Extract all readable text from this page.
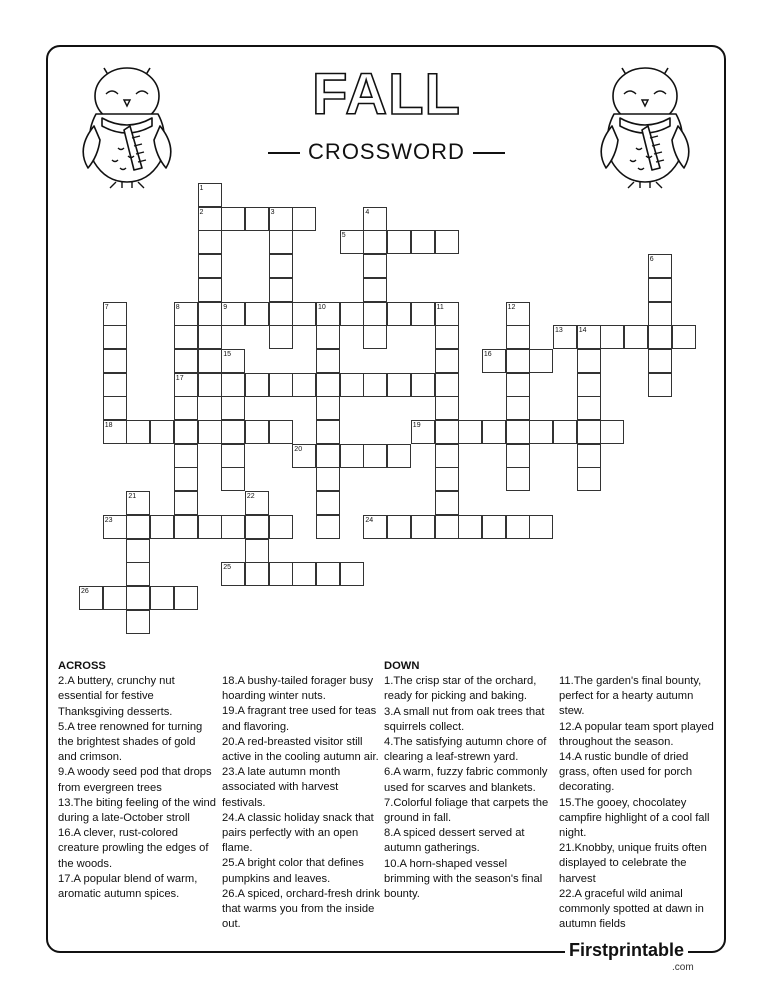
FALL
CROSSWORD
1
2	3	4
5
6
7	8	9	10	11	12
13 14
15	16
17
18	19
20
21	22
23	24
25
26
ACROSS

2.A buttery, crunchy nut essential for festive Thanksgiving desserts.

5.A tree renowned for turning the brightest shades of gold and crimson.

9.A woody seed pod that drops from evergreen trees

13.The biting feeling of the wind during a late-October stroll

16.A clever, rust-colored creature prowling the edges of the woods.

17.A popular blend of warm, aromatic autumn spices.

18.A bushy-tailed forager busy hoarding winter nuts.

19.A fragrant tree used for teas and flavoring.

20.A red-breasted visitor still active in the cooling autumn air.

23.A late autumn month associated with harvest festivals.

24.A classic holiday snack that pairs perfectly with an open flame.

25.A bright color that defines pumpkins and leaves.

26.A spiced, orchard-fresh drink that warms you from the inside out.

DOWN

1.The crisp star of the orchard, ready for picking and baking.

3.A small nut from oak trees that squirrels collect.

4.The satisfying autumn chore of clearing a leaf-strewn yard.

6.A warm, fuzzy fabric commonly used for scarves and blankets.

7.Colorful foliage that carpets the ground in fall.

8.A spiced dessert served at autumn gatherings.

10.A horn-shaped vessel brimming with the season's final bounty.

11.The garden's final bounty, perfect for a hearty autumn stew.

12.A popular team sport played throughout the season.

14.A rustic bundle of dried grass, often used for porch decorating.

15.The gooey, chocolatey campfire highlight of a cool fall night.

21.Knobby, unique fruits often displayed to celebrate the harvest

22.A graceful wild animal commonly spotted at dawn in autumn fields

Firstprintable
.com
